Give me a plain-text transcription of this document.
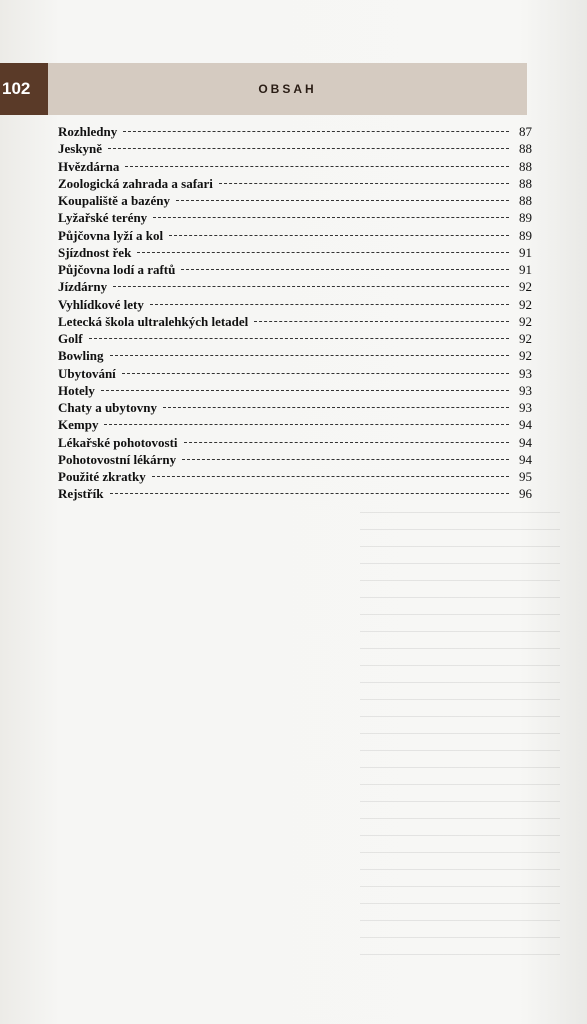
102	OBSAH
Rozhledny	87
Jeskyně	88
Hvězdárna	88
Zoologická zahrada a safari	88
Koupaliště a bazény	88
Lyžařské terény	89
Půjčovna lyží a kol	89
Sjízdnost řek	91
Půjčovna lodí a raftů	91
Jízdárny	92
Vyhlídkové lety	92
Letecká škola ultralehkých letadel	92
Golf	92
Bowling	92
Ubytování	93
Hotely	93
Chaty a ubytovny	93
Kempy	94
Lékařské pohotovosti	94
Pohotovostní lékárny	94
Použité zkratky	95
Rejstřík	96
